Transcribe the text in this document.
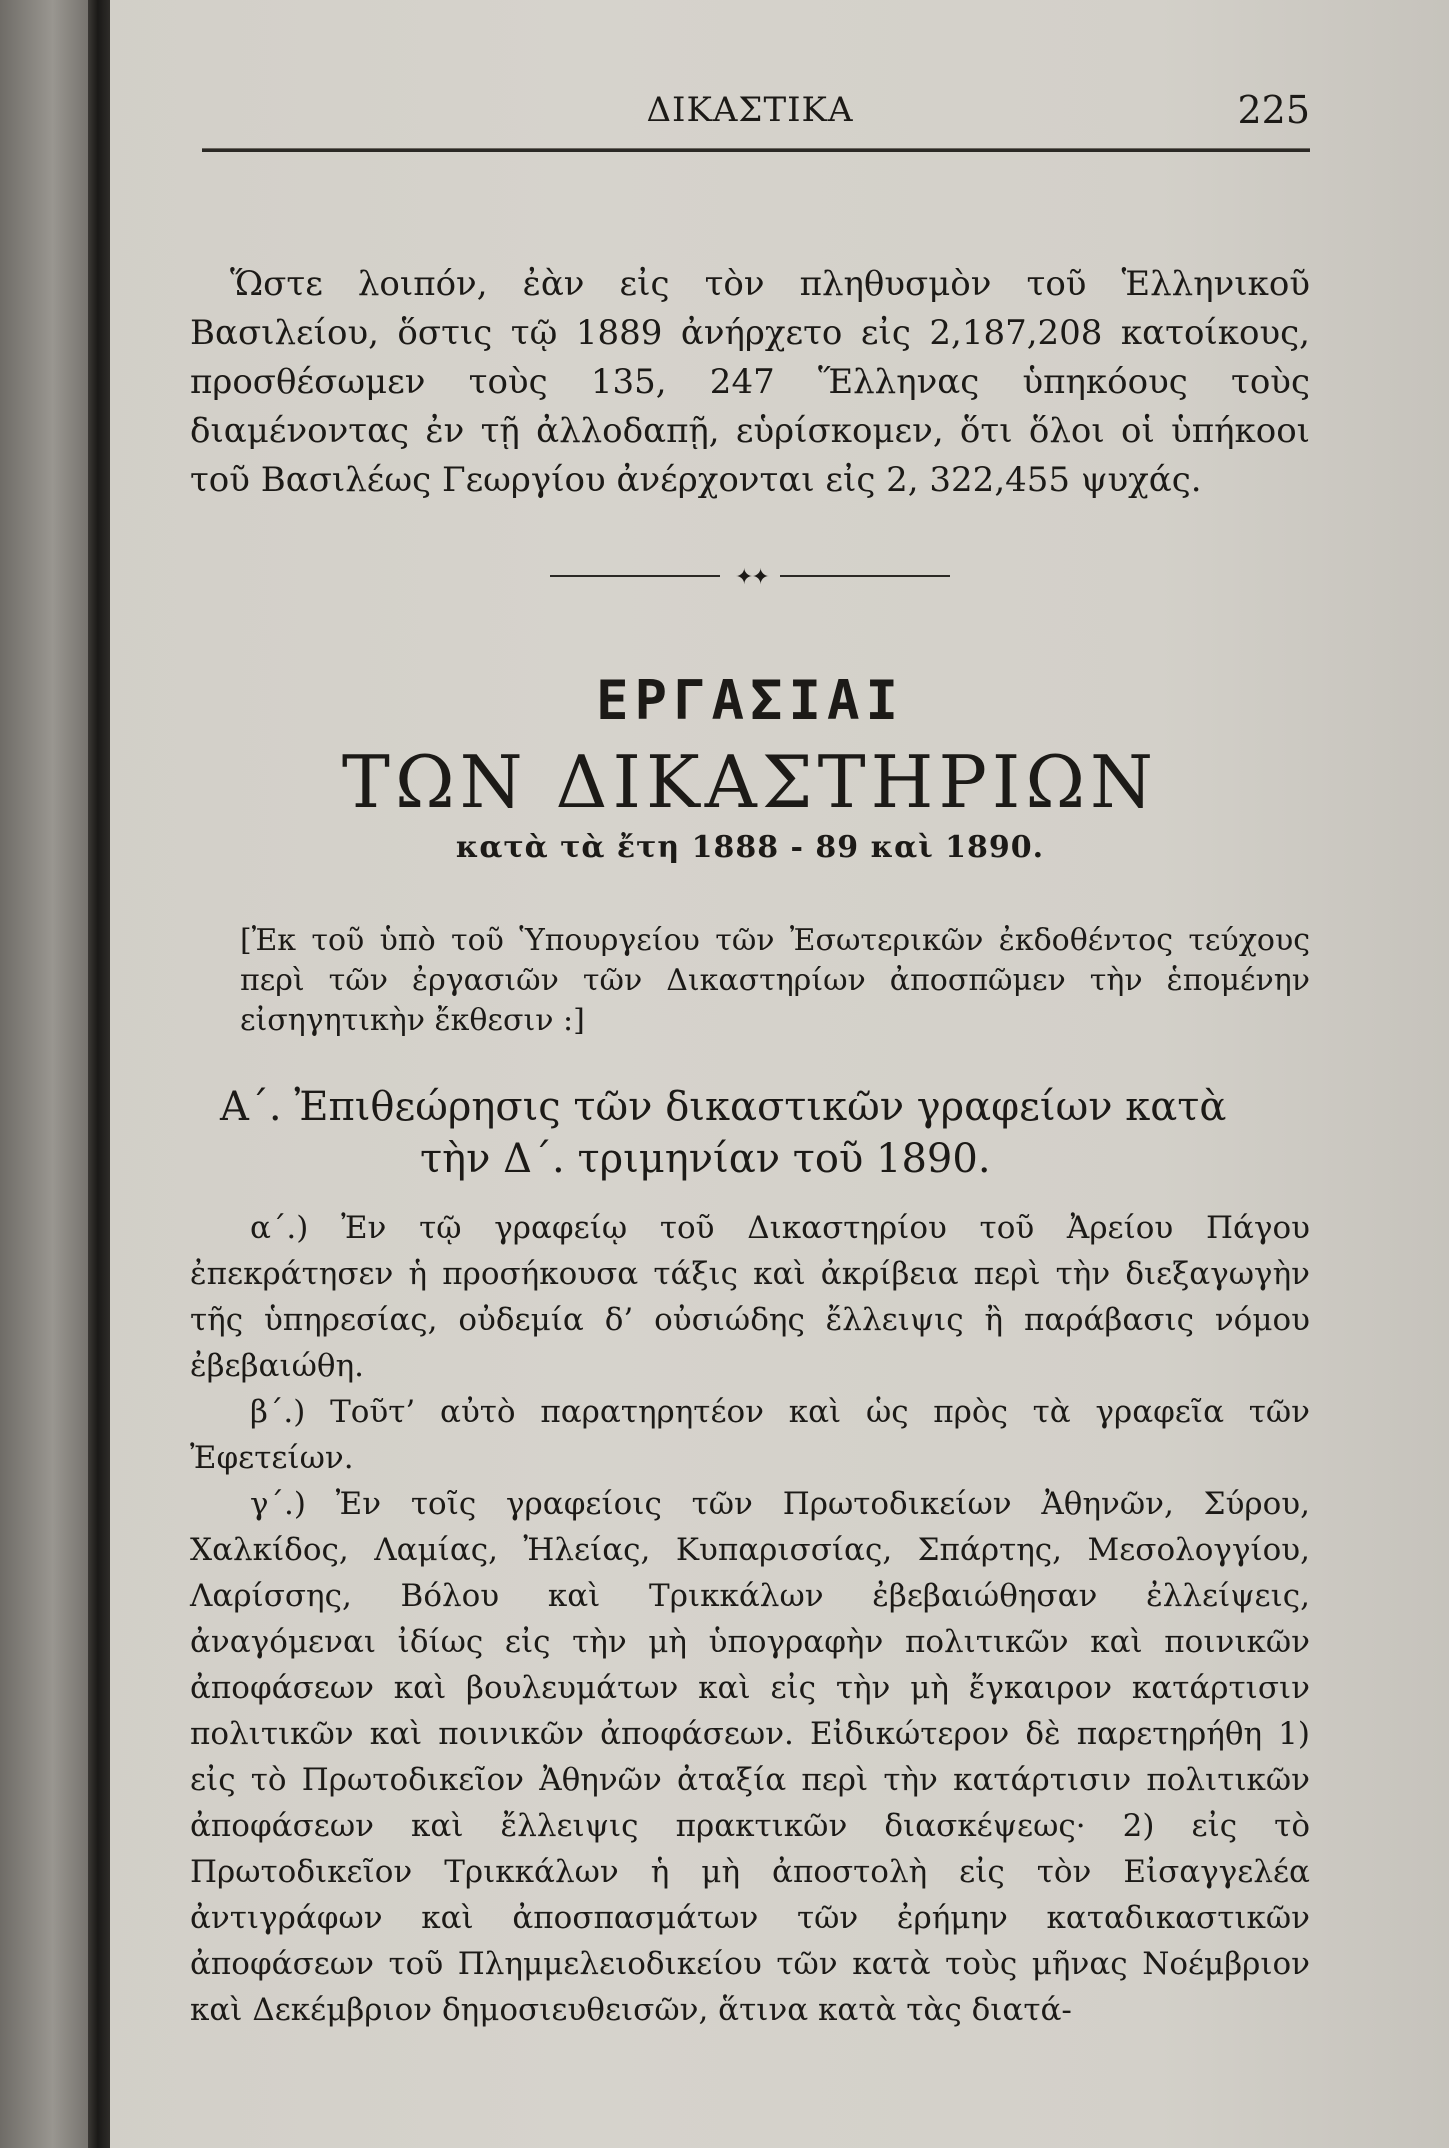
ΔΙΚΑΣΤΙΚΑ	225

Ὥστε λοιπόν, ἐὰν εἰς τὸν πληθυσμὸν τοῦ Ἑλληνικοῦ Βασιλείου, ὅστις τῷ 1889 ἀνήρχετο εἰς 2,187,208 κατοίκους, προσθέσωμεν τοὺς 135, 247 Ἕλληνας ὑπηκόους τοὺς διαμένοντας ἐν τῇ ἀλλοδαπῇ, εὑρίσκομεν, ὅτι ὅλοι οἱ ὑπήκοοι τοῦ Βασιλέως Γεωργίου ἀνέρχονται εἰς 2, 322,455 ψυχάς.

✦✦
ΕΡΓΑΣΙΑΙ
ΤΩΝ ΔΙΚΑΣΤΗΡΙΩΝ
κατὰ τὰ ἔτη 1888 - 89 καὶ 1890.

[Ἐκ τοῦ ὑπὸ τοῦ Ὑπουργείου τῶν Ἐσωτερικῶν ἐκδοθέντος τεύχους περὶ τῶν ἐργασιῶν τῶν Δικαστηρίων ἀποσπῶμεν τὴν ἑπομένην εἰσηγητικὴν ἔκθεσιν :]

Α΄. Ἐπιθεώρησις τῶν δικαστικῶν γραφείων κατὰ
τὴν Δ΄. τριμηνίαν τοῦ 1890.

α΄.) Ἐν τῷ γραφείῳ τοῦ Δικαστηρίου τοῦ Ἀρείου Πάγου ἐπεκράτησεν ἡ προσήκουσα τάξις καὶ ἀκρίβεια περὶ τὴν διεξαγωγὴν τῆς ὑπηρεσίας, οὐδεμία δ’ οὐσιώδης ἔλλειψις ἢ παράβασις νόμου ἐβεβαιώθη.

β΄.) Τοῦτ’ αὐτὸ παρατηρητέον καὶ ὡς πρὸς τὰ γραφεῖα τῶν Ἐφετείων.

γ΄.) Ἐν τοῖς γραφείοις τῶν Πρωτοδικείων Ἀθηνῶν, Σύρου, Χαλκίδος, Λαμίας, Ἠλείας, Κυπαρισσίας, Σπάρτης, Μεσολογγίου, Λαρίσσης, Βόλου καὶ Τρικκάλων ἐβεβαιώθησαν ἐλλείψεις, ἀναγόμεναι ἰδίως εἰς τὴν μὴ ὑπογραφὴν πολιτικῶν καὶ ποινικῶν ἀποφάσεων καὶ βουλευμάτων καὶ εἰς τὴν μὴ ἔγκαιρον κατάρτισιν πολιτικῶν καὶ ποινικῶν ἀποφάσεων. Εἰδικώτερον δὲ παρετηρήθη 1) εἰς τὸ Πρωτοδικεῖον Ἀθηνῶν ἀταξία περὶ τὴν κατάρτισιν πολιτικῶν ἀποφάσεων καὶ ἔλλειψις πρακτικῶν διασκέψεως· 2) εἰς τὸ Πρωτοδικεῖον Τρικκάλων ἡ μὴ ἀποστολὴ εἰς τὸν Εἰσαγγελέα ἀντιγράφων καὶ ἀποσπασμάτων τῶν ἐρήμην καταδικαστικῶν ἀποφάσεων τοῦ Πλημμελειοδικείου τῶν κατὰ τοὺς μῆνας Νοέμβριον καὶ Δεκέμβριον δημοσιευθεισῶν, ἅτινα κατὰ τὰς διατά-
